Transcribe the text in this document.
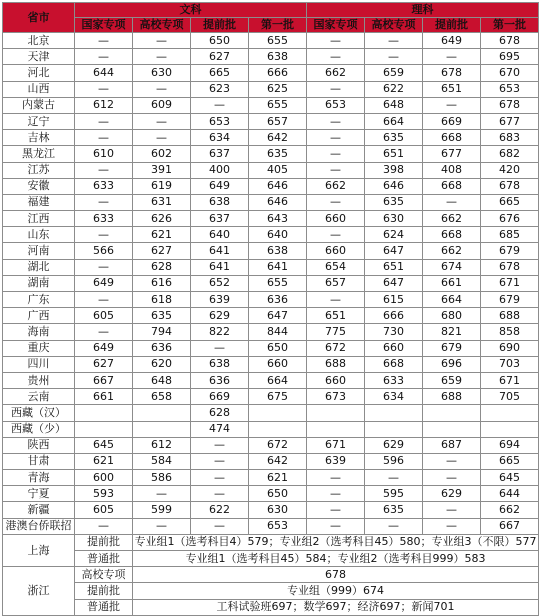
省市	文科				理科			
	国家专项	高校专项	提前批	第一批	国家专项	高校专项	提前批	第一批
北京	—	—	650	655	—	—	649	678
天津	—	—	627	638	—	—	—	695
河北	644	630	665	666	662	659	678	670
山西	—	—	623	625	—	622	651	653
内蒙古	612	609	—	655	653	648	—	678
辽宁	—	—	653	657	—	664	669	677
吉林	—	—	634	642	—	635	668	683
黑龙江	610	602	637	635	—	651	677	682
江苏	—	391	400	405	—	398	408	420
安徽	633	619	649	646	662	646	668	678
福建	—	631	638	646	—	635	—	665
江西	633	626	637	643	660	630	662	676
山东	—	621	640	640	—	624	668	685
河南	566	627	641	638	660	647	662	679
湖北	—	628	641	641	654	651	674	678
湖南	649	616	652	655	657	647	661	671
广东	—	618	639	636	—	615	664	679
广西	605	635	629	647	651	666	680	688
海南	—	794	822	844	775	730	821	858
重庆	649	636	—	650	672	660	679	690
四川	627	620	638	660	688	668	696	703
贵州	667	648	636	664	660	633	659	671
云南	661	658	669	675	673	634	688	705
西藏（汉）			628					
西藏（少）			474					
陕西	645	612	—	672	671	629	687	694
甘肃	621	584	—	642	639	596	—	665
青海	600	586	—	621	—	—	—	645
宁夏	593	—	—	650	—	595	629	644
新疆	605	599	622	630	—	635	—	662
港澳台侨联招	—	—	—	653	—	—	—	667
上海	提前批	专业组1（选考科目4）579；专业组2（选考科目45）580；专业组3（不限）577						
	普通批	专业组1（选考科目45）584；专业组2（选考科目999）583						
浙江	高校专项	678						
	提前批	专业组（999）674						
	普通批	工科试验班697；数学697；经济697；新闻701						
